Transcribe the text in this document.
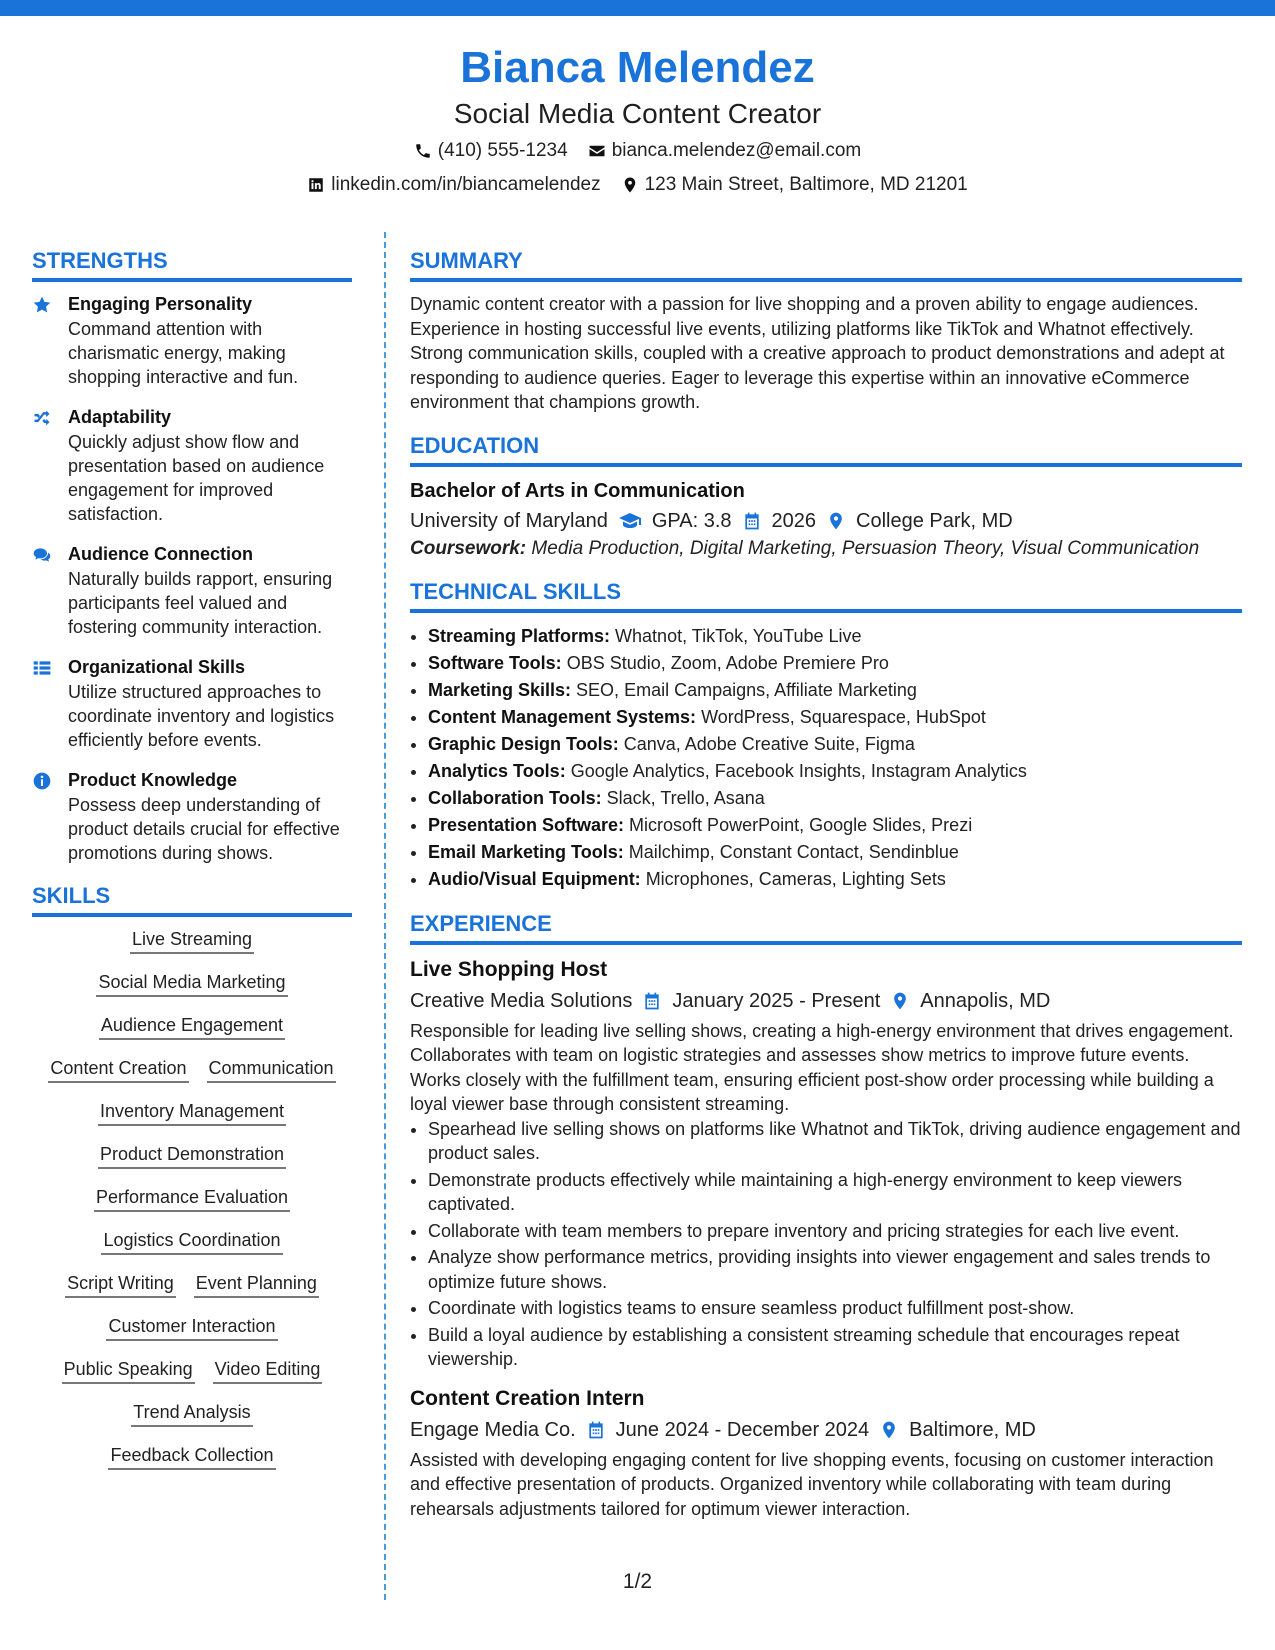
Bianca Melendez
Social Media Content Creator
(410) 555-1234 bianca.melendez@email.com
linkedin.com/in/biancamelendez 123 Main Street, Baltimore, MD 21201
STRENGTHS
Engaging Personality
Command attention with charismatic energy, making shopping interactive and fun.
Adaptability
Quickly adjust show flow and presentation based on audience engagement for improved satisfaction.
Audience Connection
Naturally builds rapport, ensuring participants feel valued and fostering community interaction.
Organizational Skills
Utilize structured approaches to coordinate inventory and logistics efficiently before events.
Product Knowledge
Possess deep understanding of product details crucial for effective promotions during shows.
SKILLS
Live Streaming
Social Media Marketing
Audience Engagement
Content Creation Communication
Inventory Management
Product Demonstration
Performance Evaluation
Logistics Coordination
Script Writing Event Planning
Customer Interaction
Public Speaking Video Editing
Trend Analysis
Feedback Collection
SUMMARY

Dynamic content creator with a passion for live shopping and a proven ability to engage audiences. Experience in hosting successful live events, utilizing platforms like TikTok and Whatnot effectively. Strong communication skills, coupled with a creative approach to product demonstrations and adept at responding to audience queries. Eager to leverage this expertise within an innovative eCommerce environment that champions growth.

EDUCATION
Bachelor of Arts in Communication
University of Maryland GPA: 3.8 2026 College Park, MD
Coursework: Media Production, Digital Marketing, Persuasion Theory, Visual Communication
TECHNICAL SKILLS
• Streaming Platforms: Whatnot, TikTok, YouTube Live
• Software Tools: OBS Studio, Zoom, Adobe Premiere Pro
• Marketing Skills: SEO, Email Campaigns, Affiliate Marketing
• Content Management Systems: WordPress, Squarespace, HubSpot
• Graphic Design Tools: Canva, Adobe Creative Suite, Figma
• Analytics Tools: Google Analytics, Facebook Insights, Instagram Analytics
• Collaboration Tools: Slack, Trello, Asana
• Presentation Software: Microsoft PowerPoint, Google Slides, Prezi
• Email Marketing Tools: Mailchimp, Constant Contact, Sendinblue
• Audio/Visual Equipment: Microphones, Cameras, Lighting Sets
EXPERIENCE
Live Shopping Host
Creative Media Solutions January 2025 - Present Annapolis, MD

Responsible for leading live selling shows, creating a high-energy environment that drives engagement. Collaborates with team on logistic strategies and assesses show metrics to improve future events. Works closely with the fulfillment team, ensuring efficient post-show order processing while building a loyal viewer base through consistent streaming.

• Spearhead live selling shows on platforms like Whatnot and TikTok, driving audience engagement and product sales.
• Demonstrate products effectively while maintaining a high-energy environment to keep viewers captivated.
• Collaborate with team members to prepare inventory and pricing strategies for each live event.
• Analyze show performance metrics, providing insights into viewer engagement and sales trends to optimize future shows.
• Coordinate with logistics teams to ensure seamless product fulfillment post-show.
• Build a loyal audience by establishing a consistent streaming schedule that encourages repeat viewership.
Content Creation Intern
Engage Media Co. June 2024 - December 2024 Baltimore, MD

Assisted with developing engaging content for live shopping events, focusing on customer interaction and effective presentation of products. Organized inventory while collaborating with team during rehearsals adjustments tailored for optimum viewer interaction.

1/2
